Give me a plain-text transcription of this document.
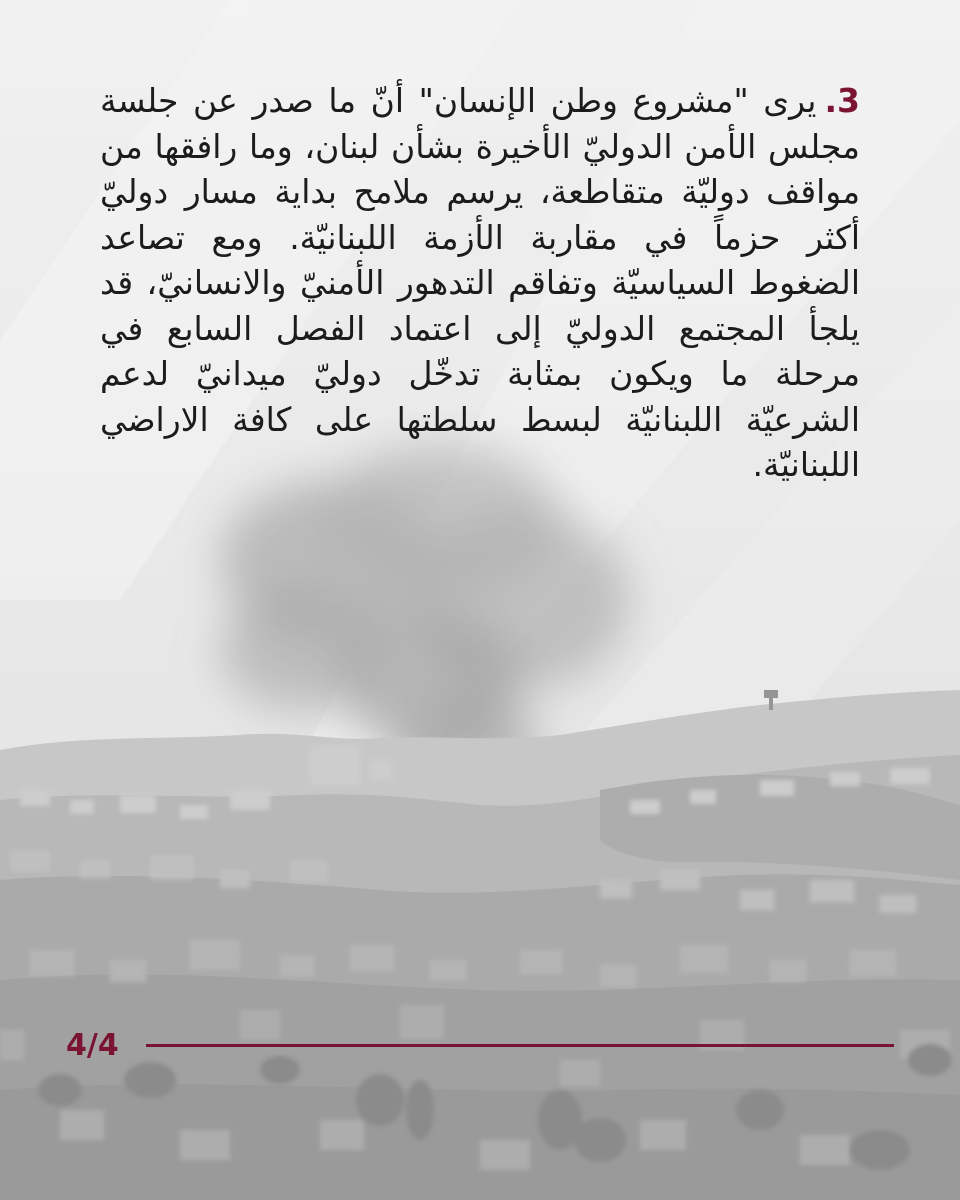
3.يرى "مشروع وطن الإنسان" أنّ ما صدر عن جلسة مجلس الأمن الدوليّ الأخيرة بشأن لبنان، وما رافقها من مواقف دوليّة متقاطعة، يرسم ملامح بداية مسار دوليّ أكثر حزماً في مقاربة الأزمة اللبنانيّة. ومع تصاعد الضغوط السياسيّة وتفاقم التدهور الأمنيّ والانسانيّ، قد يلجأ المجتمع الدوليّ إلى اعتماد الفصل السابع في مرحلة ما ويكون بمثابة تدخّل دوليّ ميدانيّ لدعم الشرعيّة اللبنانيّة لبسط سلطتها على كافة الاراضي اللبنانيّة.
4/4
